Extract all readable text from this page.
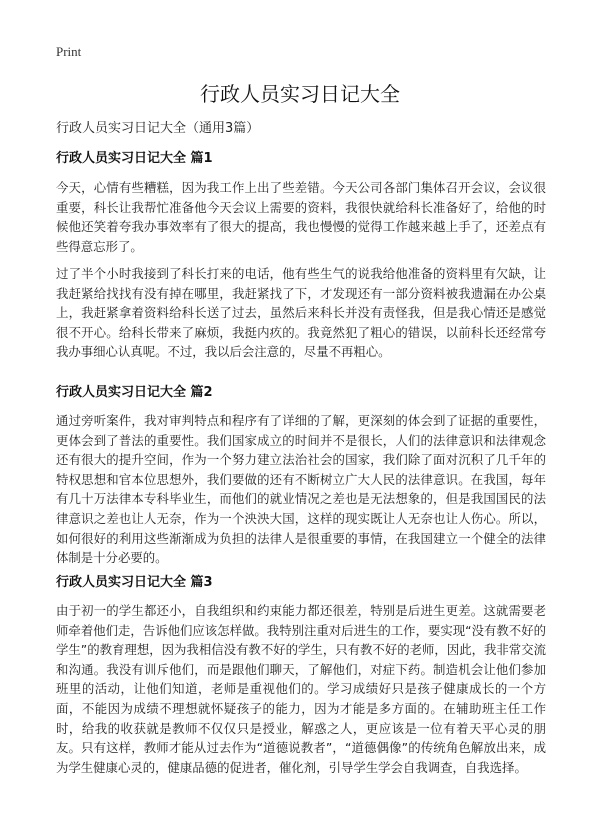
Print
行政人员实习日记大全
行政人员实习日记大全（通用3篇）
行政人员实习日记大全 篇1

今天，心情有些糟糕，因为我工作上出了些差错。今天公司各部门集体召开会议，会议很重要，科长让我帮忙准备他今天会议上需要的资料，我很快就给科长准备好了，给他的时候他还笑着夸我办事效率有了很大的提高，我也慢慢的觉得工作越来越上手了，还差点有些得意忘形了。

过了半个小时我接到了科长打来的电话，他有些生气的说我给他准备的资料里有欠缺，让我赶紧给找找有没有掉在哪里，我赶紧找了下，才发现还有一部分资料被我遗漏在办公桌上，我赶紧拿着资料给科长送了过去，虽然后来科长并没有责怪我，但是我心情还是感觉很不开心。给科长带来了麻烦，我挺内疚的。我竟然犯了粗心的错误，以前科长还经常夸我办事细心认真呢。不过，我以后会注意的，尽量不再粗心。

行政人员实习日记大全 篇2

通过旁听案件，我对审判特点和程序有了详细的了解，更深刻的体会到了证据的重要性，更体会到了普法的重要性。我们国家成立的时间并不是很长，人们的法律意识和法律观念还有很大的提升空间，作为一个努力建立法治社会的国家，我们除了面对沉积了几千年的特权思想和官本位思想外，我们要做的还有不断树立广大人民的法律意识。在我国，每年有几十万法律本专科毕业生，而他们的就业情况之差也是无法想象的，但是我国国民的法律意识之差也让人无奈，作为一个泱泱大国，这样的现实既让人无奈也让人伤心。所以，如何很好的利用这些渐渐成为负担的法律人是很重要的事情，在我国建立一个健全的法律体制是十分必要的。

行政人员实习日记大全 篇3

由于初一的学生都还小，自我组织和约束能力都还很差，特别是后进生更差。这就需要老师牵着他们走，告诉他们应该怎样做。我特别注重对后进生的工作，要实现“没有教不好的学生”的教育理想，因为我相信没有教不好的学生，只有教不好的老师，因此，我非常交流和沟通。我没有训斥他们，而是跟他们聊天，了解他们，对症下药。制造机会让他们参加班里的活动，让他们知道，老师是重视他们的。学习成绩好只是孩子健康成长的一个方面，不能因为成绩不理想就怀疑孩子的能力，因为才能是多方面的。在辅助班主任工作时，给我的收获就是教师不仅仅只是授业，解惑之人，更应该是一位有着天平心灵的朋友。只有这样，教师才能从过去作为“道德说教者”，“道德偶像”的传统角色解放出来，成为学生健康心灵的，健康品德的促进者，催化剂，引导学生学会自我调查，自我选择。
